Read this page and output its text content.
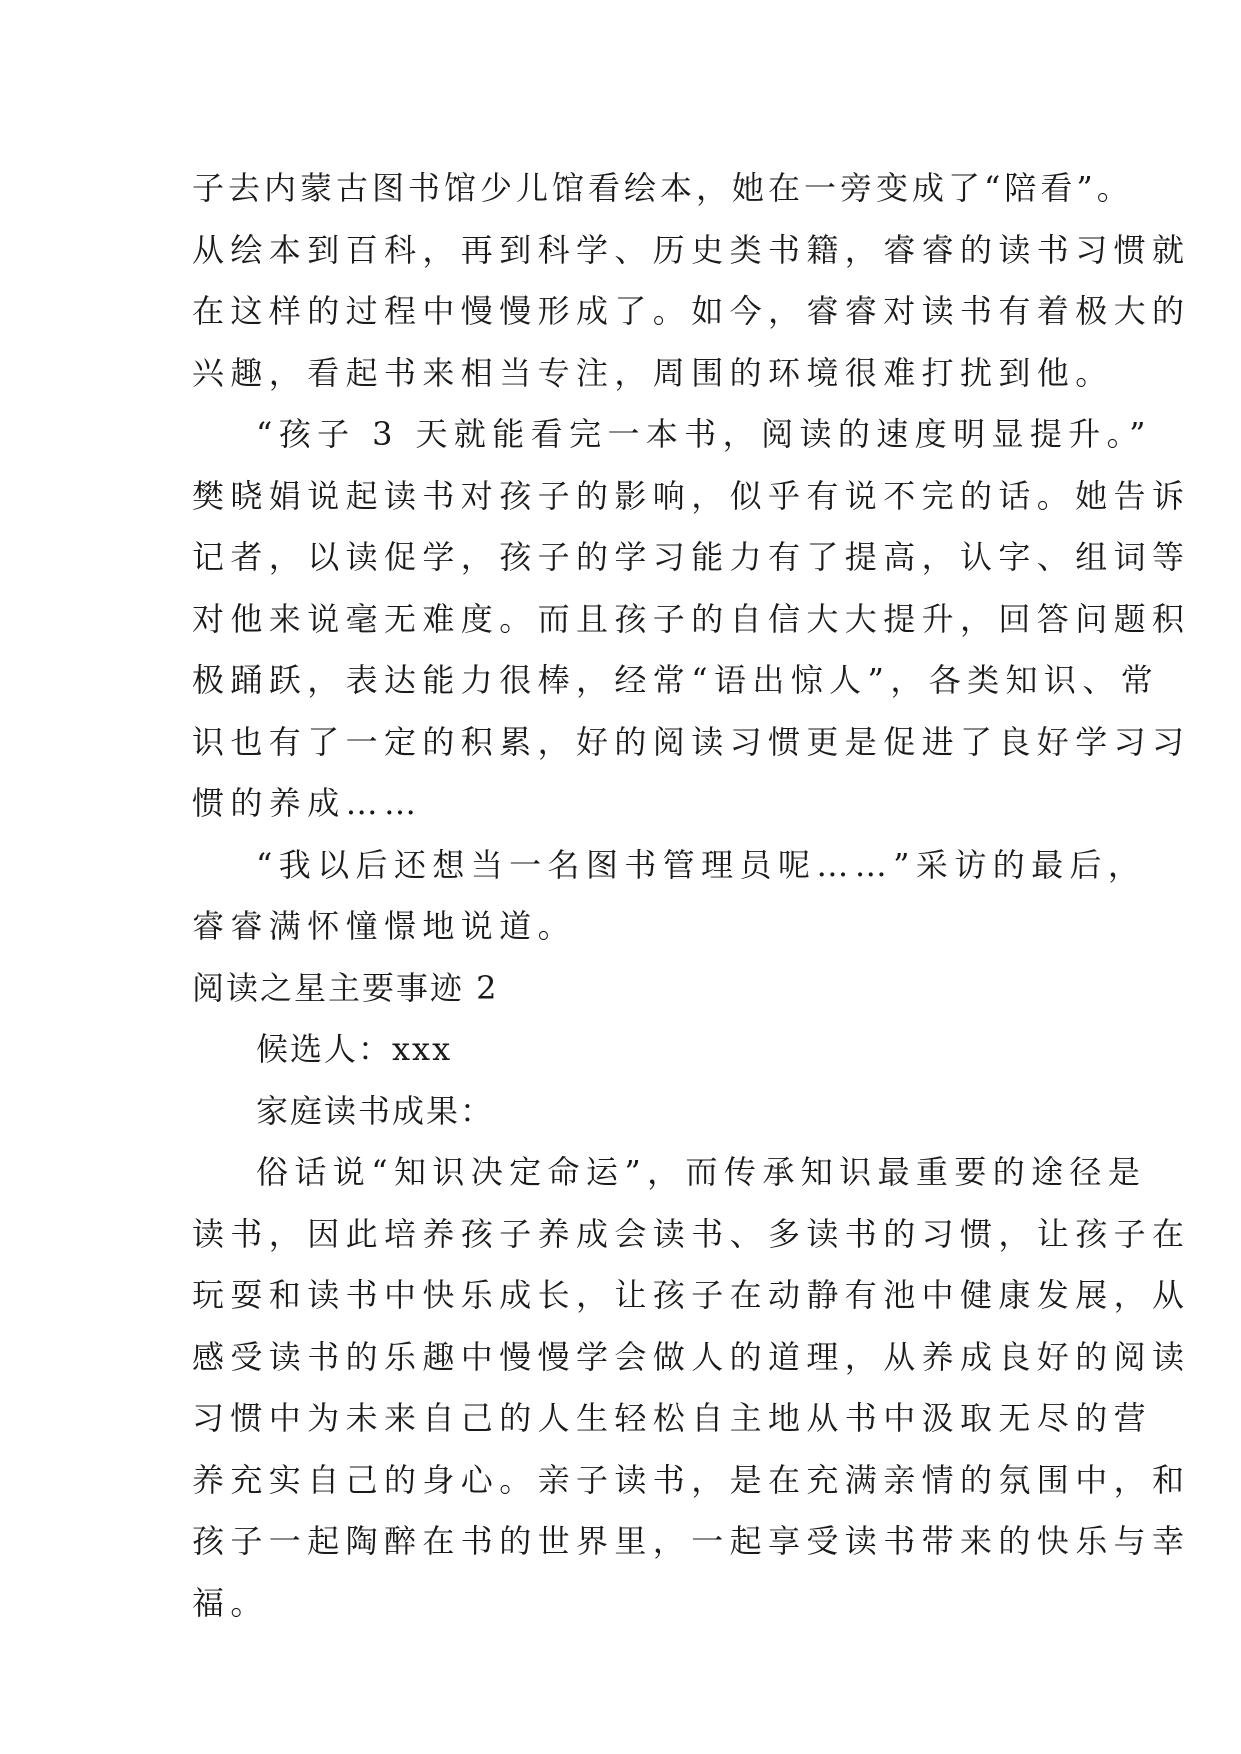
子去内蒙古图书馆少儿馆看绘本，她在一旁变成了“陪看”。
从绘本到百科，再到科学、历史类书籍，睿睿的读书习惯就
在这样的过程中慢慢形成了。如今，睿睿对读书有着极大的
兴趣，看起书来相当专注，周围的环境很难打扰到他。
“孩子 3 天就能看完一本书，阅读的速度明显提升。”
樊晓娟说起读书对孩子的影响，似乎有说不完的话。她告诉
记者，以读促学，孩子的学习能力有了提高，认字、组词等
对他来说毫无难度。而且孩子的自信大大提升，回答问题积
极踊跃，表达能力很棒，经常“语出惊人”，各类知识、常
识也有了一定的积累，好的阅读习惯更是促进了良好学习习
惯的养成……
“我以后还想当一名图书管理员呢……”采访的最后，
睿睿满怀憧憬地说道。
阅读之星主要事迹 2
候选人：xxx
家庭读书成果：
俗话说“知识决定命运”，而传承知识最重要的途径是
读书，因此培养孩子养成会读书、多读书的习惯，让孩子在
玩耍和读书中快乐成长，让孩子在动静有池中健康发展，从
感受读书的乐趣中慢慢学会做人的道理，从养成良好的阅读
习惯中为未来自己的人生轻松自主地从书中汲取无尽的营
养充实自己的身心。亲子读书，是在充满亲情的氛围中，和
孩子一起陶醉在书的世界里，一起享受读书带来的快乐与幸
福。
